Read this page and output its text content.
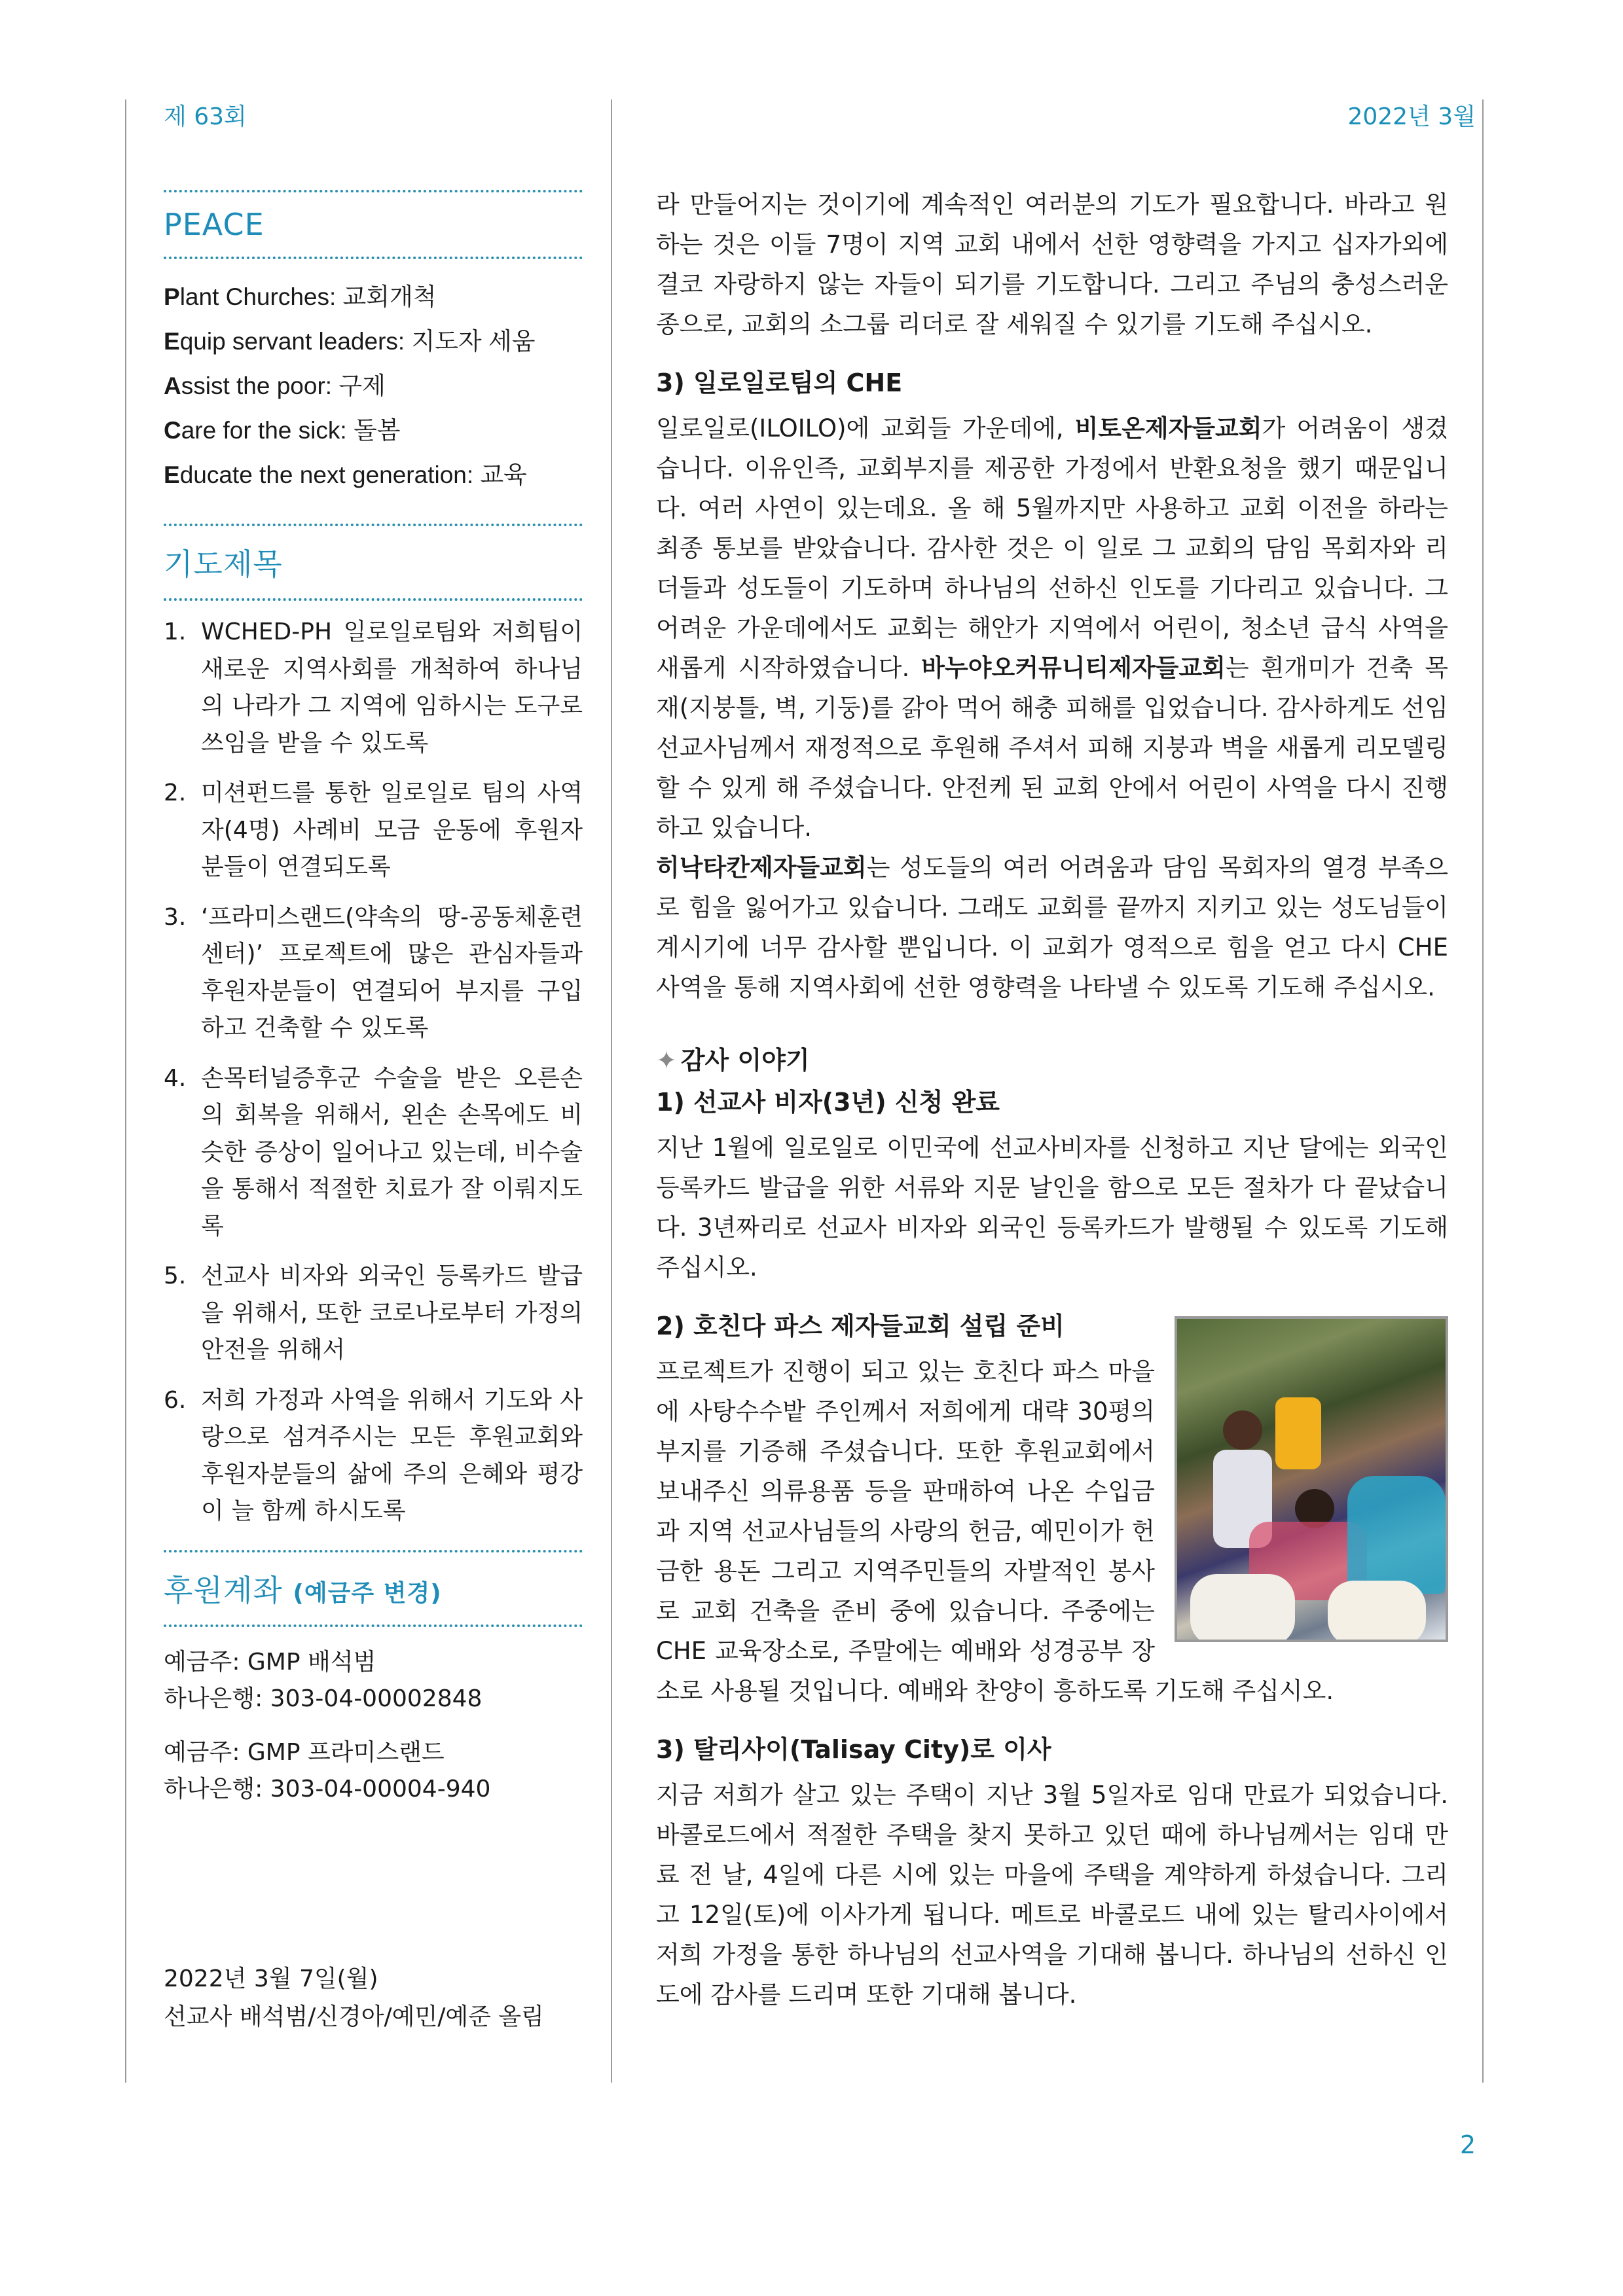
제 63회	2022년 3월
PEACE
Plant Churches: 교회개척
Equip servant leaders: 지도자 세움
Assist the poor: 구제
Care for the sick: 돌봄
Educate the next generation: 교육
기도제목
1. WCHED-PH 일로일로팀와 저희팀이 새로운 지역사회를 개척하여 하나님의 나라가 그 지역에 임하시는 도구로 쓰임을 받을 수 있도록
2. 미션펀드를 통한 일로일로 팀의 사역자(4명) 사례비 모금 운동에 후원자분들이 연결되도록
3. ‘프라미스랜드(약속의 땅-공동체훈련센터)’ 프로젝트에 많은 관심자들과 후원자분들이 연결되어 부지를 구입하고 건축할 수 있도록
4. 손목터널증후군 수술을 받은 오른손의 회복을 위해서, 왼손 손목에도 비슷한 증상이 일어나고 있는데, 비수술을 통해서 적절한 치료가 잘 이뤄지도록
5. 선교사 비자와 외국인 등록카드 발급을 위해서, 또한 코로나로부터 가정의 안전을 위해서
6. 저희 가정과 사역을 위해서 기도와 사랑으로 섬겨주시는 모든 후원교회와 후원자분들의 삶에 주의 은혜와 평강이 늘 함께 하시도록
후원계좌 (예금주 변경)

예금주: GMP 배석범
하나은행: 303-04-00002848

예금주: GMP 프라미스랜드
하나은행: 303-04-00004-940

2022년 3월 7일(월)
선교사 배석범/신경아/예민/예준 올림

라 만들어지는 것이기에 계속적인 여러분의 기도가 필요합니다. 바라고 원하는 것은 이들 7명이 지역 교회 내에서 선한 영향력을 가지고 십자가외에 결코 자랑하지 않는 자들이 되기를 기도합니다. 그리고 주님의 충성스러운 종으로, 교회의 소그룹 리더로 잘 세워질 수 있기를 기도해 주십시오.

3) 일로일로팀의 CHE

일로일로(ILOILO)에 교회들 가운데에, 비토온제자들교회가 어려움이 생겼습니다. 이유인즉, 교회부지를 제공한 가정에서 반환요청을 했기 때문입니다. 여러 사연이 있는데요. 올 해 5월까지만 사용하고 교회 이전을 하라는 최종 통보를 받았습니다. 감사한 것은 이 일로 그 교회의 담임 목회자와 리더들과 성도들이 기도하며 하나님의 선하신 인도를 기다리고 있습니다. 그 어려운 가운데에서도 교회는 해안가 지역에서 어린이, 청소년 급식 사역을 새롭게 시작하였습니다. 바누야오커뮤니티제자들교회는 흰개미가 건축 목재(지붕틀, 벽, 기둥)를 갉아 먹어 해충 피해를 입었습니다. 감사하게도 선임 선교사님께서 재정적으로 후원해 주셔서 피해 지붕과 벽을 새롭게 리모델링할 수 있게 해 주셨습니다. 안전케 된 교회 안에서 어린이 사역을 다시 진행하고 있습니다.

히낙타칸제자들교회는 성도들의 여러 어려움과 담임 목회자의 열경 부족으로 힘을 잃어가고 있습니다. 그래도 교회를 끝까지 지키고 있는 성도님들이 계시기에 너무 감사할 뿐입니다. 이 교회가 영적으로 힘을 얻고 다시 CHE 사역을 통해 지역사회에 선한 영향력을 나타낼 수 있도록 기도해 주십시오.

✦ 감사 이야기
1) 선교사 비자(3년) 신청 완료

지난 1월에 일로일로 이민국에 선교사비자를 신청하고 지난 달에는 외국인등록카드 발급을 위한 서류와 지문 날인을 함으로 모든 절차가 다 끝났습니다. 3년짜리로 선교사 비자와 외국인 등록카드가 발행될 수 있도록 기도해 주십시오.

2) 호친다 파스 제자들교회 설립 준비

프로젝트가 진행이 되고 있는 호친다 파스 마을에 사탕수수밭 주인께서 저희에게 대략 30평의 부지를 기증해 주셨습니다. 또한 후원교회에서 보내주신 의류용품 등을 판매하여 나온 수입금과 지역 선교사님들의 사랑의 헌금, 예민이가 헌금한 용돈 그리고 지역주민들의 자발적인 봉사로 교회 건축을 준비 중에 있습니다. 주중에는 CHE 교육장소로, 주말에는 예배와 성경공부 장소로 사용될 것입니다. 예배와 찬양이 흥하도록 기도해 주십시오.

3) 탈리사이(Talisay City)로 이사

지금 저희가 살고 있는 주택이 지난 3월 5일자로 임대 만료가 되었습니다. 바콜로드에서 적절한 주택을 찾지 못하고 있던 때에 하나님께서는 임대 만료 전 날, 4일에 다른 시에 있는 마을에 주택을 계약하게 하셨습니다. 그리고 12일(토)에 이사가게 됩니다. 메트로 바콜로드 내에 있는 탈리사이에서 저희 가정을 통한 하나님의 선교사역을 기대해 봅니다. 하나님의 선하신 인도에 감사를 드리며 또한 기대해 봅니다.

2
